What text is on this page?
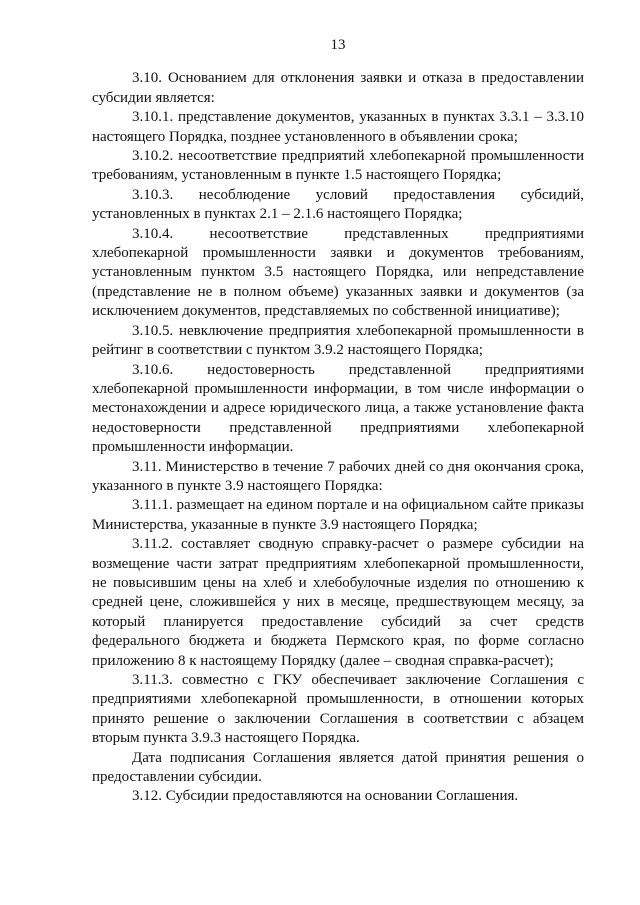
13

3.10. Основанием для отклонения заявки и отказа в предоставлении субсидии является:

3.10.1. представление документов, указанных в пунктах 3.3.1 – 3.3.10 настоящего Порядка, позднее установленного в объявлении срока;

3.10.2. несоответствие предприятий хлебопекарной промышленности требованиям, установленным в пункте 1.5 настоящего Порядка;

3.10.3. несоблюдение условий предоставления субсидий, установленных в пунктах 2.1 – 2.1.6 настоящего Порядка;

3.10.4. несоответствие представленных предприятиями хлебопекарной промышленности заявки и документов требованиям, установленным пунктом 3.5 настоящего Порядка, или непредставление (представление не в полном объеме) указанных заявки и документов (за исключением документов, представляемых по собственной инициативе);

3.10.5. невключение предприятия хлебопекарной промышленности в рейтинг в соответствии с пунктом 3.9.2 настоящего Порядка;

3.10.6. недостоверность представленной предприятиями хлебопекарной промышленности информации, в том числе информации о местонахождении и адресе юридического лица, а также установление факта недостоверности представленной предприятиями хлебопекарной промышленности информации.

3.11. Министерство в течение 7 рабочих дней со дня окончания срока, указанного в пункте 3.9 настоящего Порядка:

3.11.1. размещает на едином портале и на официальном сайте приказы Министерства, указанные в пункте 3.9 настоящего Порядка;

3.11.2. составляет сводную справку-расчет о размере субсидии на возмещение части затрат предприятиям хлебопекарной промышленности, не повысившим цены на хлеб и хлебобулочные изделия по отношению к средней цене, сложившейся у них в месяце, предшествующем месяцу, за который планируется предоставление субсидий за счет средств федерального бюджета и бюджета Пермского края, по форме согласно приложению 8 к настоящему Порядку (далее – сводная справка-расчет);

3.11.3. совместно с ГКУ обеспечивает заключение Соглашения с предприятиями хлебопекарной промышленности, в отношении которых принято решение о заключении Соглашения в соответствии с абзацем вторым пункта 3.9.3 настоящего Порядка.

Дата подписания Соглашения является датой принятия решения о предоставлении субсидии.

3.12. Субсидии предоставляются на основании Соглашения.
